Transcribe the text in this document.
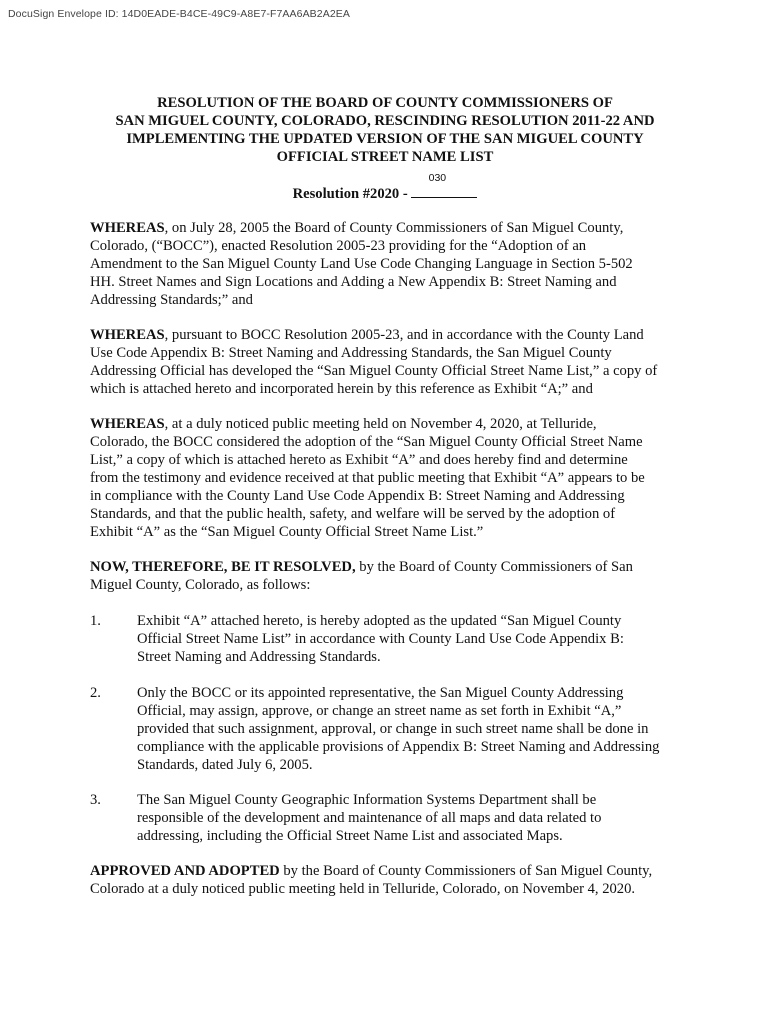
DocuSign Envelope ID: 14D0EADE-B4CE-49C9-A8E7-F7AA6AB2A2EA
RESOLUTION OF THE BOARD OF COUNTY COMMISSIONERS OF
SAN MIGUEL COUNTY, COLORADO, RESCINDING RESOLUTION 2011-22 AND
IMPLEMENTING THE UPDATED VERSION OF THE SAN MIGUEL COUNTY
OFFICIAL STREET NAME LIST
Resolution #2020 -
030
WHEREAS, on July 28, 2005 the Board of County Commissioners of San Miguel County,
Colorado, (“BOCC”), enacted Resolution 2005-23 providing for the “Adoption of an
Amendment to the San Miguel County Land Use Code Changing Language in Section 5-502
HH. Street Names and Sign Locations and Adding a New Appendix B: Street Naming and
Addressing Standards;” and
WHEREAS, pursuant to BOCC Resolution 2005-23, and in accordance with the County Land
Use Code Appendix B: Street Naming and Addressing Standards, the San Miguel County
Addressing Official has developed the “San Miguel County Official Street Name List,” a copy of
which is attached hereto and incorporated herein by this reference as Exhibit “A;” and
WHEREAS, at a duly noticed public meeting held on November 4, 2020, at Telluride,
Colorado, the BOCC considered the adoption of the “San Miguel County Official Street Name
List,” a copy of which is attached hereto as Exhibit “A” and does hereby find and determine
from the testimony and evidence received at that public meeting that Exhibit “A” appears to be
in compliance with the County Land Use Code Appendix B: Street Naming and Addressing
Standards, and that the public health, safety, and welfare will be served by the adoption of
Exhibit “A” as the “San Miguel County Official Street Name List.”
NOW, THEREFORE, BE IT RESOLVED, by the Board of County Commissioners of San
Miguel County, Colorado, as follows:
1. Exhibit “A” attached hereto, is hereby adopted as the updated “San Miguel County
Official Street Name List” in accordance with County Land Use Code Appendix B:
Street Naming and Addressing Standards.
2. Only the BOCC or its appointed representative, the San Miguel County Addressing
Official, may assign, approve, or change an street name as set forth in Exhibit “A,”
provided that such assignment, approval, or change in such street name shall be done in
compliance with the applicable provisions of Appendix B: Street Naming and Addressing
Standards, dated July 6, 2005.
3. The San Miguel County Geographic Information Systems Department shall be
responsible of the development and maintenance of all maps and data related to
addressing, including the Official Street Name List and associated Maps.
APPROVED AND ADOPTED by the Board of County Commissioners of San Miguel County,
Colorado at a duly noticed public meeting held in Telluride, Colorado, on November 4, 2020.
